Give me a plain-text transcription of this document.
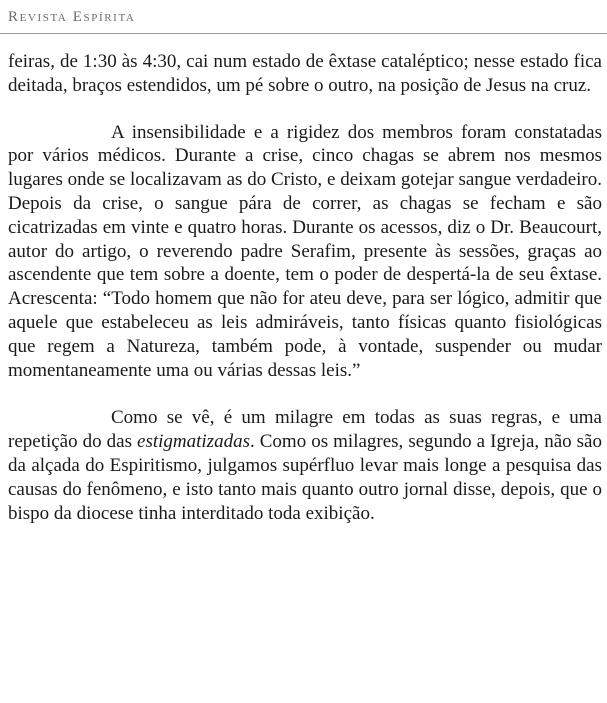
Revista Espírita

feiras, de 1:30 às 4:30, cai num estado de êxtase cataléptico; nesse estado fica deitada, braços estendidos, um pé sobre o outro, na posição de Jesus na cruz.

A insensibilidade e a rigidez dos membros foram constatadas por vários médicos. Durante a crise, cinco chagas se abrem nos mesmos lugares onde se localizavam as do Cristo, e deixam gotejar sangue verdadeiro. Depois da crise, o sangue pára de correr, as chagas se fecham e são cicatrizadas em vinte e quatro horas. Durante os acessos, diz o Dr. Beaucourt, autor do artigo, o reverendo padre Serafim, presente às sessões, graças ao ascendente que tem sobre a doente, tem o poder de despertá-la de seu êxtase. Acrescenta: “Todo homem que não for ateu deve, para ser lógico, admitir que aquele que estabeleceu as leis admiráveis, tanto físicas quanto fisiológicas que regem a Natureza, também pode, à vontade, suspender ou mudar momentaneamente uma ou várias dessas leis.”

Como se vê, é um milagre em todas as suas regras, e uma repetição do das estigmatizadas. Como os milagres, segundo a Igreja, não são da alçada do Espiritismo, julgamos supérfluo levar mais longe a pesquisa das causas do fenômeno, e isto tanto mais quanto outro jornal disse, depois, que o bispo da diocese tinha interditado toda exibição.
